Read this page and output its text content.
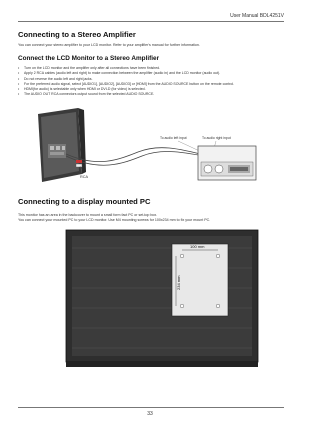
User Manual BDL4251V
Connecting to a Stereo Amplifier
You can connect your stereo amplifier to your LCD monitor. Refer to your amplifier's manual for further information.
Connect the LCD Monitor to a Stereo Amplifier
• Turn on the LCD monitor and the amplifier only after all connections have been finished.
• Apply 2 RCA cables (audio left and right) to make connection between the amplifier (audio in) and the LCD monitor (audio out).
• Do not reverse the audio left and right jacks.
• For the preferred audio signal, select [AUDIO1], [AUDIO2], [AUDIO3] or [HDMI] from the AUDIO SOURCE button on the remote control.
• HDMI(for audio) is selectable only when HDMI or DVI-D (for video) is selected.
• The AUDIO OUT RCA connectors output sound from the selected AUDIO SOURCE.
RCA
To audio left input	To audio right input
Connecting to a display mounted PC
This monitor has an area in the backcover to mount a small form fact PC or set-top box.
You can connect your mounted PC to your LCD monitor. Use M4 mounting screws for 100x234 mm to fix your mount PC.
100 mm
234 mm
33
